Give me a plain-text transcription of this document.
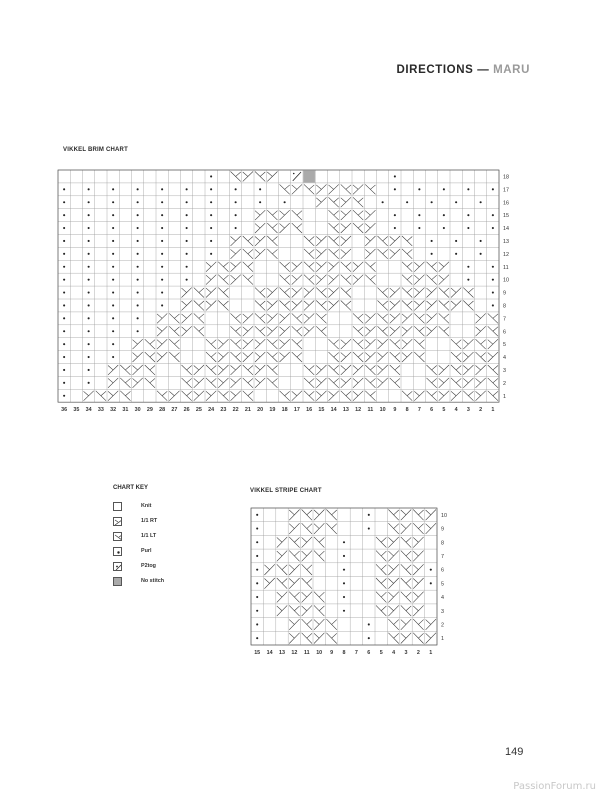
DIRECTIONS — MARU
VIKKEL BRIM CHART
18
17
16
15
14
13
12
11
10
9
8
7
6
5
4
3
2
1
36 35 34 33 32 31 30 29 28 27 26 25 24 23 22 21 20 19 18 17 16 15 14 13 12 11 10 9 8 7 6 5 4 3 2 1
CHART KEY
Knit
1/1 RT
1/1 LT
Purl
P2tog
No stitch
VIKKEL STRIPE CHART
10
9
8
7
6
5
4
3
2
1
15 14 13 12 11 10 9 8 7 6 5 4 3 2 1
149
PassionForum.ru
